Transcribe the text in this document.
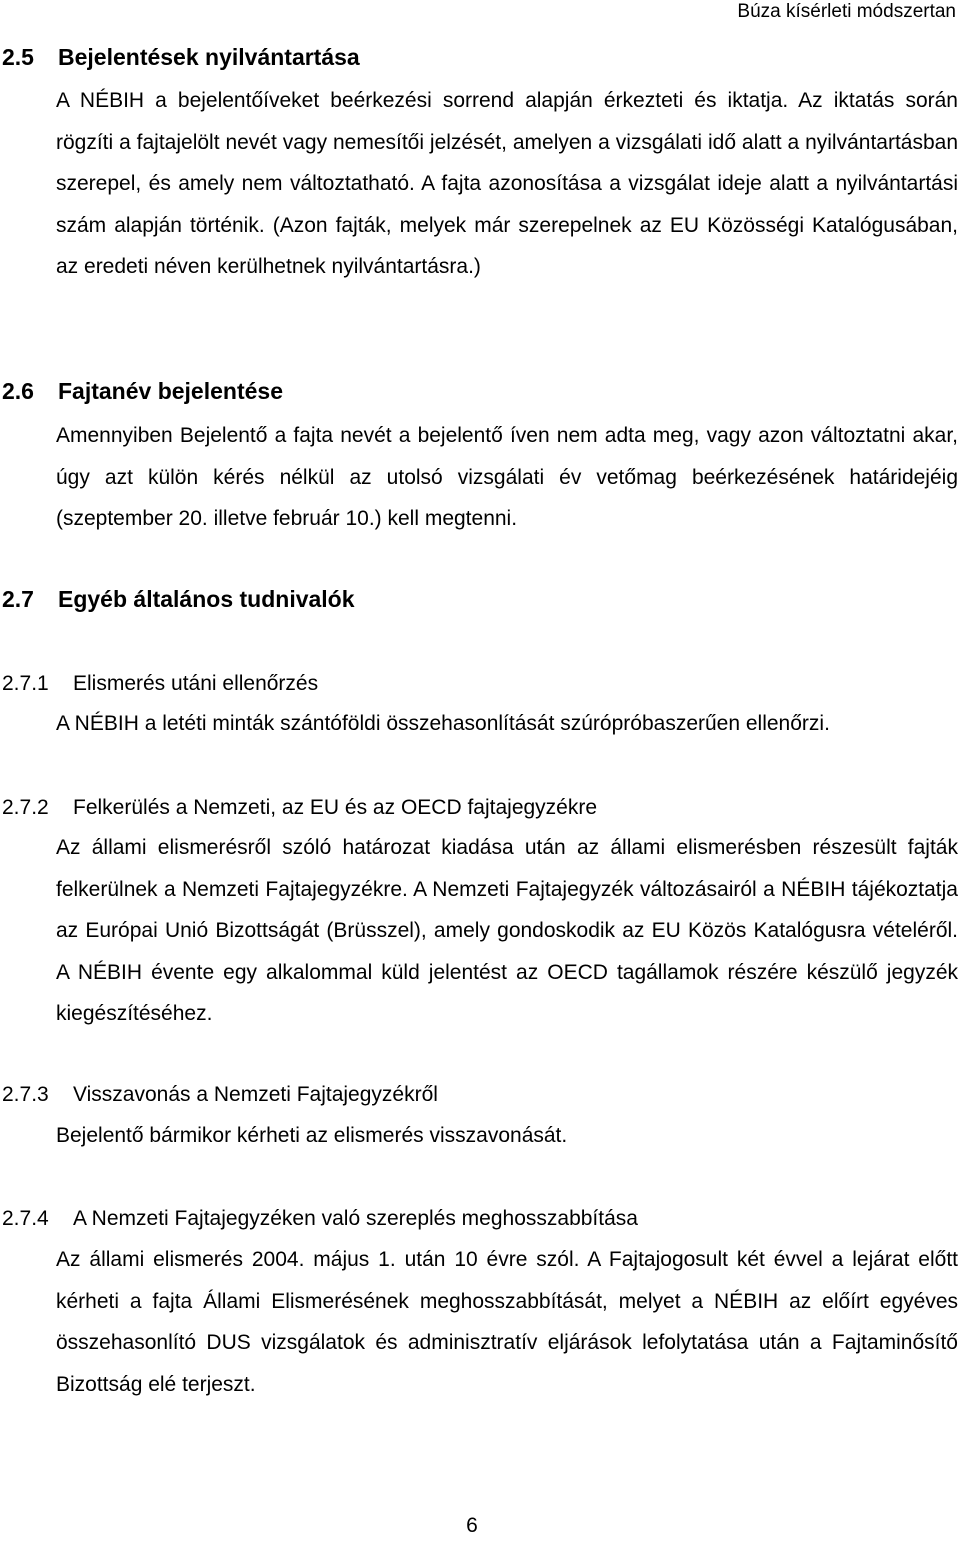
Búza kísérleti módszertan
2.5 Bejelentések nyilvántartása
A NÉBIH a bejelentőíveket beérkezési sorrend alapján érkezteti és iktatja. Az iktatás során rögzíti a fajtajelölt nevét vagy nemesítői jelzését, amelyen a vizsgálati idő alatt a nyilvántartásban szerepel, és amely nem változtatható. A fajta azonosítása a vizsgálat ideje alatt a nyilvántartási szám alapján történik. (Azon fajták, melyek már szerepelnek az EU Közösségi Katalógusában, az eredeti néven kerülhetnek nyilvántartásra.)
2.6 Fajtanév bejelentése
Amennyiben Bejelentő a fajta nevét a bejelentő íven nem adta meg, vagy azon változtatni akar, úgy azt külön kérés nélkül az utolsó vizsgálati év vetőmag beérkezésének határidejéig (szeptember 20. illetve február 10.) kell megtenni.
2.7 Egyéb általános tudnivalók
2.7.1 Elismerés utáni ellenőrzés
A NÉBIH a letéti minták szántóföldi összehasonlítását szúrópróbaszerűen ellenőrzi.
2.7.2 Felkerülés a Nemzeti, az EU és az OECD fajtajegyzékre
Az állami elismerésről szóló határozat kiadása után az állami elismerésben részesült fajták felkerülnek a Nemzeti Fajtajegyzékre. A Nemzeti Fajtajegyzék változásairól a NÉBIH tájékoztatja az Európai Unió Bizottságát (Brüsszel), amely gondoskodik az EU Közös Katalógusra vételéről. A NÉBIH évente egy alkalommal küld jelentést az OECD tagállamok részére készülő jegyzék kiegészítéséhez.
2.7.3 Visszavonás a Nemzeti Fajtajegyzékről
Bejelentő bármikor kérheti az elismerés visszavonását.
2.7.4 A Nemzeti Fajtajegyzéken való szereplés meghosszabbítása
Az állami elismerés 2004. május 1. után 10 évre szól. A Fajtajogosult két évvel a lejárat előtt kérheti a fajta Állami Elismerésének meghosszabbítását, melyet a NÉBIH az előírt egyéves összehasonlító DUS vizsgálatok és adminisztratív eljárások lefolytatása után a Fajtaminősítő Bizottság elé terjeszt.
6
